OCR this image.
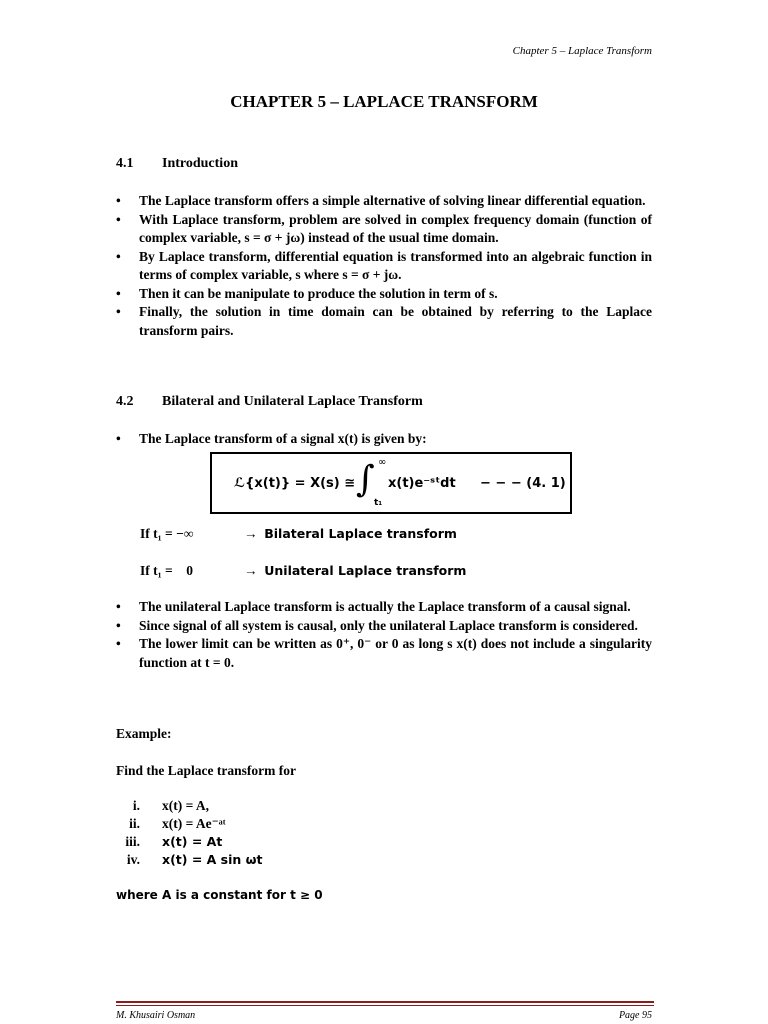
Chapter 5 – Laplace Transform
CHAPTER 5 – LAPLACE TRANSFORM
4.1 Introduction
• The Laplace transform offers a simple alternative of solving linear differential equation.
• With Laplace transform, problem are solved in complex frequency domain (function of complex variable, s = σ + jω) instead of the usual time domain.
• By Laplace transform, differential equation is transformed into an algebraic function in terms of complex variable, s where s = σ + jω.
• Then it can be manipulate to produce the solution in term of s.
• Finally, the solution in time domain can be obtained by referring to the Laplace transform pairs.
4.2 Bilateral and Unilateral Laplace Transform
• The Laplace transform of a signal x(t) is given by:
ℒ{x(t)} = X(s) ≅ ∫ ∞
t₁
x(t)e⁻ˢᵗdt − − − (4. 1)
If t₁ = −∞	→ Bilateral Laplace transform
If t₁ =    0	→ Unilateral Laplace transform
• The unilateral Laplace transform is actually the Laplace transform of a causal signal.
• Since signal of all system is causal, only the unilateral Laplace transform is considered.
• The lower limit can be written as 0⁺, 0⁻ or 0 as long s x(t) does not include a singularity function at t = 0.
Example:
Find the Laplace transform for
i. x(t) = A,
ii. x(t) = Ae⁻ᵃᵗ
iii. x(t) = At
iv. x(t) = A sin ωt
where A is a constant for t ≥ 0
M. Khusairi Osman	Page 95
